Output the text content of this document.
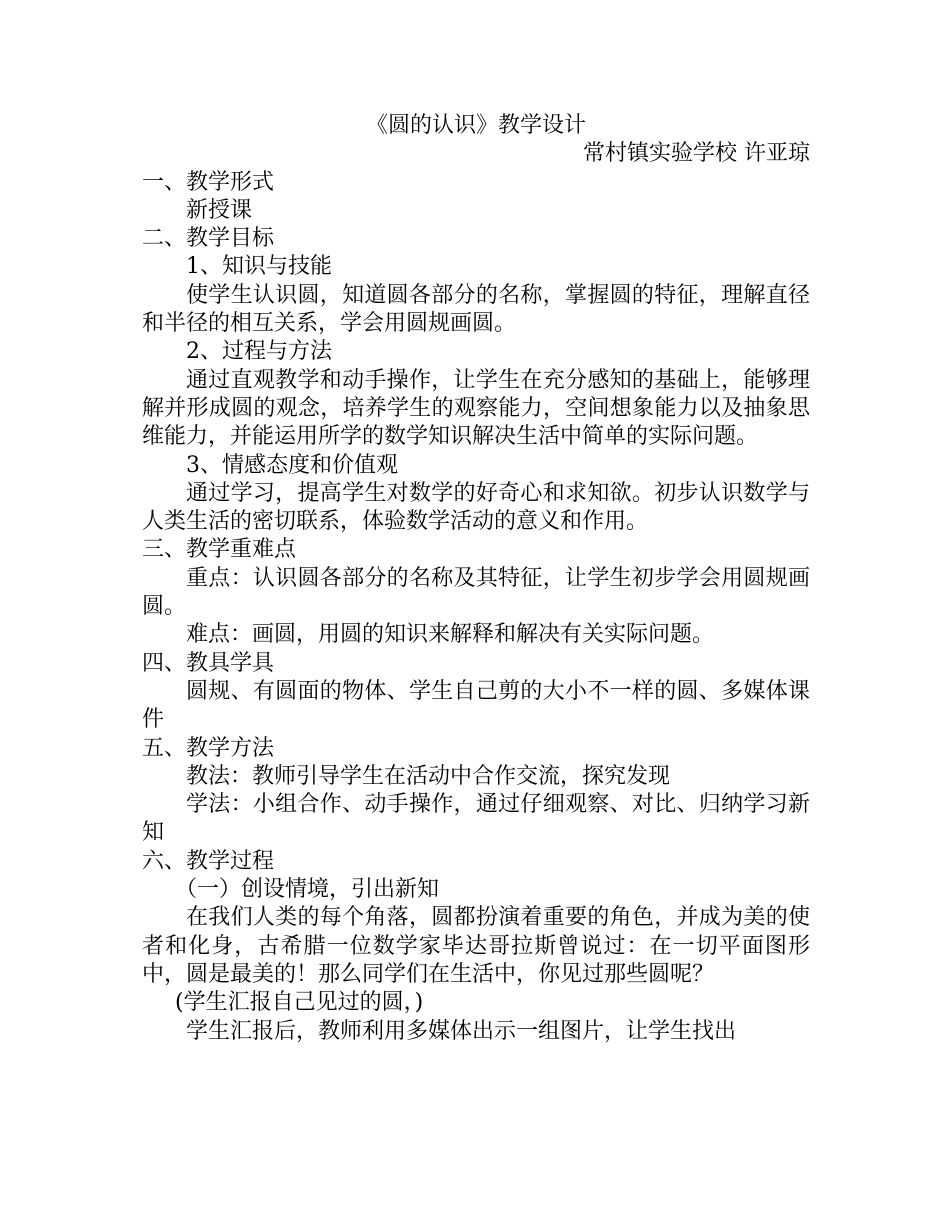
《圆的认识》教学设计

常村镇实验学校 许亚琼

一、教学形式

新授课

二、教学目标

1、知识与技能

使学生认识圆，知道圆各部分的名称，掌握圆的特征，理解直径和半径的相互关系，学会用圆规画圆。

2、过程与方法

通过直观教学和动手操作，让学生在充分感知的基础上，能够理解并形成圆的观念，培养学生的观察能力，空间想象能力以及抽象思维能力，并能运用所学的数学知识解决生活中简单的实际问题。

3、情感态度和价值观

通过学习，提高学生对数学的好奇心和求知欲。初步认识数学与人类生活的密切联系，体验数学活动的意义和作用。

三、教学重难点

重点：认识圆各部分的名称及其特征，让学生初步学会用圆规画圆。

难点：画圆，用圆的知识来解释和解决有关实际问题。

四、教具学具

圆规、有圆面的物体、学生自己剪的大小不一样的圆、多媒体课件

五、教学方法

教法：教师引导学生在活动中合作交流，探究发现

学法：小组合作、动手操作，通过仔细观察、对比、归纳学习新知

六、教学过程

（一）创设情境，引出新知

在我们人类的每个角落，圆都扮演着重要的角色，并成为美的使者和化身，古希腊一位数学家毕达哥拉斯曾说过：在一切平面图形中，圆是最美的！那么同学们在生活中，你见过那些圆呢？

(学生汇报自己见过的圆，)

学生汇报后，教师利用多媒体出示一组图片，让学生找出
